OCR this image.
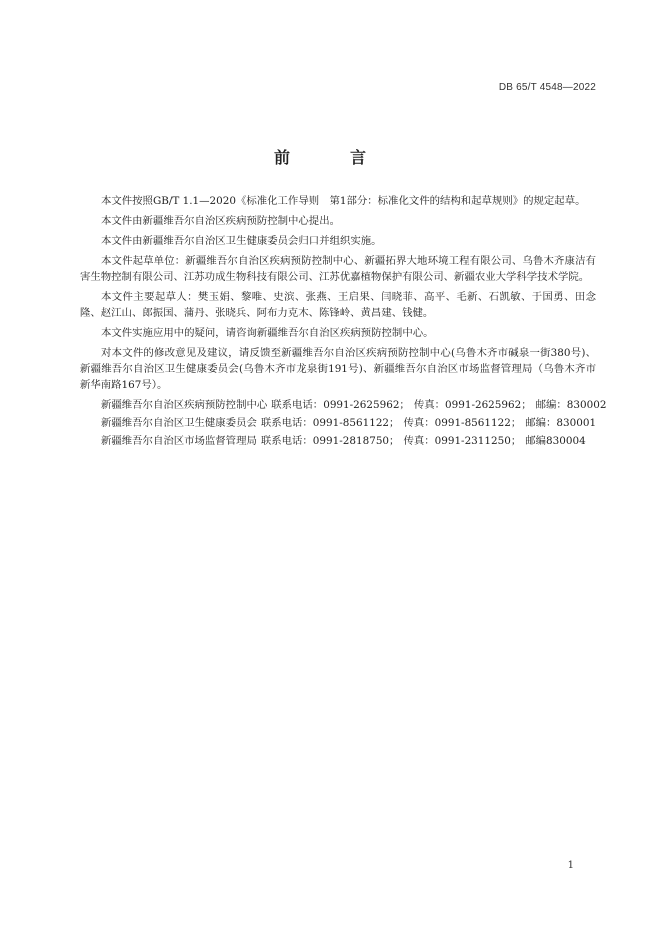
DB 65/T 4548—2022
前　言

本文件按照GB/T 1.1—2020《标准化工作导则　第1部分：标准化文件的结构和起草规则》的规定起草。

本文件由新疆维吾尔自治区疾病预防控制中心提出。

本文件由新疆维吾尔自治区卫生健康委员会归口并组织实施。

本文件起草单位：新疆维吾尔自治区疾病预防控制中心、新疆拓界大地环境工程有限公司、乌鲁木齐康洁有害生物控制有限公司、江苏功成生物科技有限公司、江苏优嘉植物保护有限公司、新疆农业大学科学技术学院。

本文件主要起草人：樊玉娟、黎唯、史滨、张燕、王启果、闫晓菲、高平、毛新、石凯敏、于国勇、田念隆、赵江山、郎振国、蒲丹、张晓兵、阿布力克木、陈锋岭、黄昌建、钱健。

本文件实施应用中的疑问，请咨询新疆维吾尔自治区疾病预防控制中心。

对本文件的修改意见及建议，请反馈至新疆维吾尔自治区疾病预防控制中心(乌鲁木齐市碱泉一街380号)、新疆维吾尔自治区卫生健康委员会(乌鲁木齐市龙泉街191号)、新疆维吾尔自治区市场监督管理局（乌鲁木齐市新华南路167号）。

新疆维吾尔自治区疾病预防控制中心 联系电话：0991-2625962； 传真：0991-2625962； 邮编：830002
新疆维吾尔自治区卫生健康委员会 联系电话：0991-8561122； 传真：0991-8561122； 邮编：830001
新疆维吾尔自治区市场监督管理局 联系电话：0991-2818750； 传真：0991-2311250； 邮编830004
1
